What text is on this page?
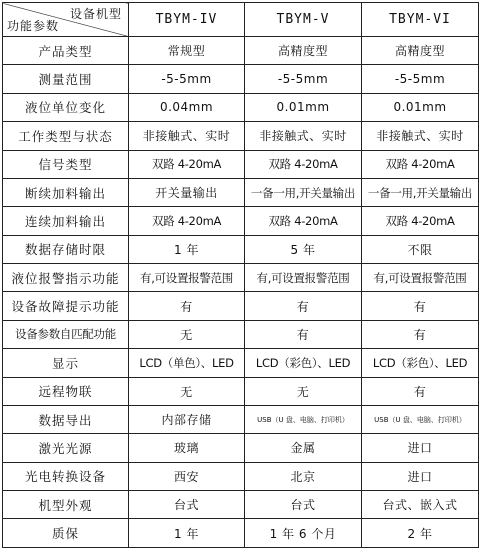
设备机型
功能参数	TBYM-IV	TBYM-V	TBYM-VI
产品类型	常规型	高精度型	高精度型
测量范围	-5-5mm	-5-5mm	-5-5mm
液位单位变化	0.04mm	0.01mm	0.01mm
工作类型与状态	非接触式、实时	非接触式、实时	非接触式、实时
信号类型	双路 4-20mA	双路 4-20mA	双路 4-20mA
断续加料输出	开关量输出	一备一用,开关量输出	一备一用,开关量输出
连续加料输出	双路 4-20mA	双路 4-20mA	双路 4-20mA
数据存储时限	1 年	5 年	不限
液位报警指示功能	有,可设置报警范围	有,可设置报警范围	有,可设置报警范围
设备故障提示功能	有	有	有
设备参数自匹配功能	无	有	有
显示	LCD（单色）、LED	LCD（彩色）、LED	LCD（彩色）、LED
远程物联	无	无	有
数据导出	内部存储	USB（U 盘、电脑、打印机）	USB（U 盘、电脑、打印机）
激光光源	玻璃	金属	进口
光电转换设备	西安	北京	进口
机型外观	台式	台式	台式、嵌入式
质保	1 年	1 年 6 个月	2 年
